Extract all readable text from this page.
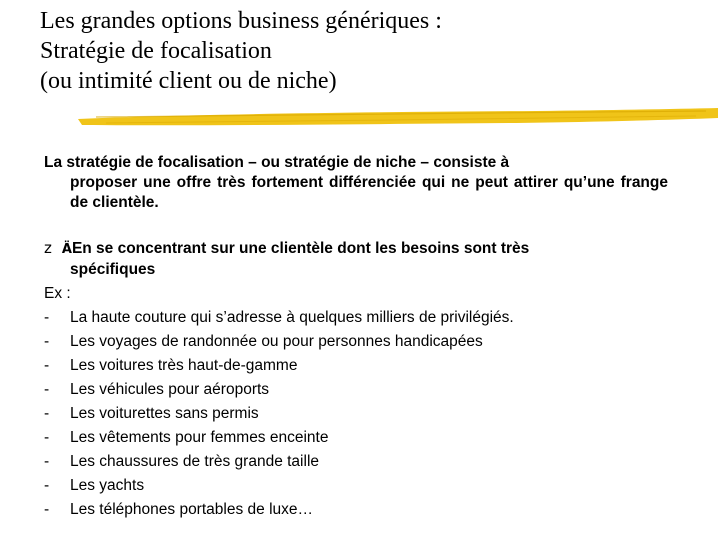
Les grandes options business génériques :
Stratégie de focalisation
(ou intimité client ou de niche)
La stratégie de focalisation – ou stratégie de niche – consiste à
proposer une offre très fortement différenciée qui ne peut attirer qu’une frange de clientèle.
z ÄEn se concentrant sur une clientèle dont les besoins sont très
spécifiques
Ex :
- La haute couture qui s’adresse à quelques milliers de privilégiés.
- Les voyages de randonnée ou pour personnes handicapées
- Les voitures très haut-de-gamme
- Les véhicules pour aéroports
- Les voiturettes sans permis
- Les vêtements pour femmes enceinte
- Les chaussures de très grande taille
- Les yachts
- Les téléphones portables de luxe…
